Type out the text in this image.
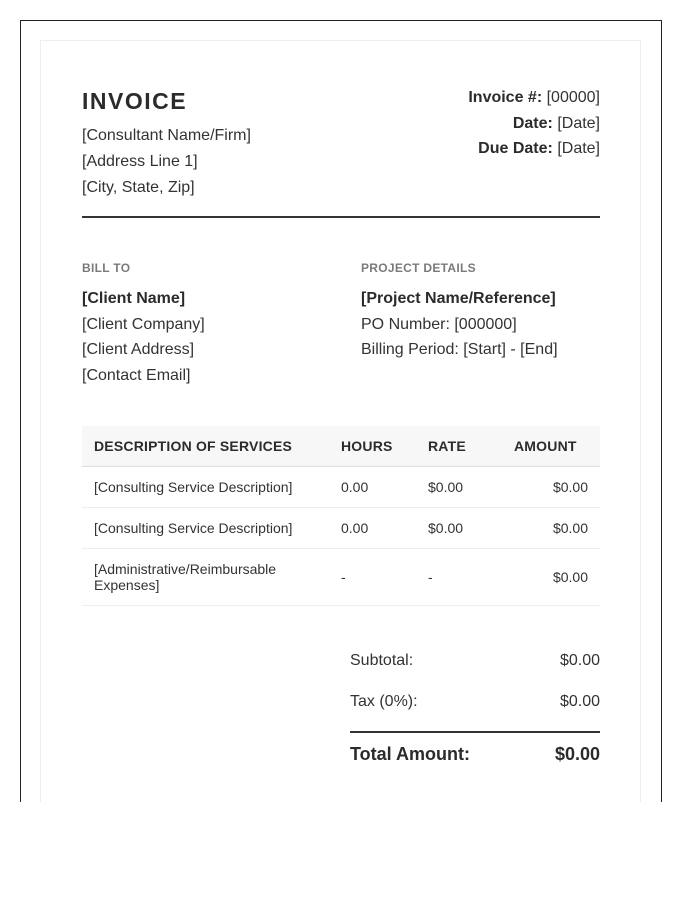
INVOICE
[Consultant Name/Firm]
[Address Line 1]
[City, State, Zip]
Invoice #: [00000]
Date: [Date]
Due Date: [Date]
BILL TO
[Client Name]
[Client Company]
[Client Address]
[Contact Email]
PROJECT DETAILS
[Project Name/Reference]
PO Number: [000000]
Billing Period: [Start] - [End]
DESCRIPTION OF SERVICES	HOURS	RATE	AMOUNT
[Consulting Service Description]	0.00	$0.00	$0.00
[Consulting Service Description]	0.00	$0.00	$0.00
[Administrative/Reimbursable Expenses]	-	-	$0.00
Subtotal:	$0.00
Tax (0%):	$0.00
Total Amount:	$0.00
